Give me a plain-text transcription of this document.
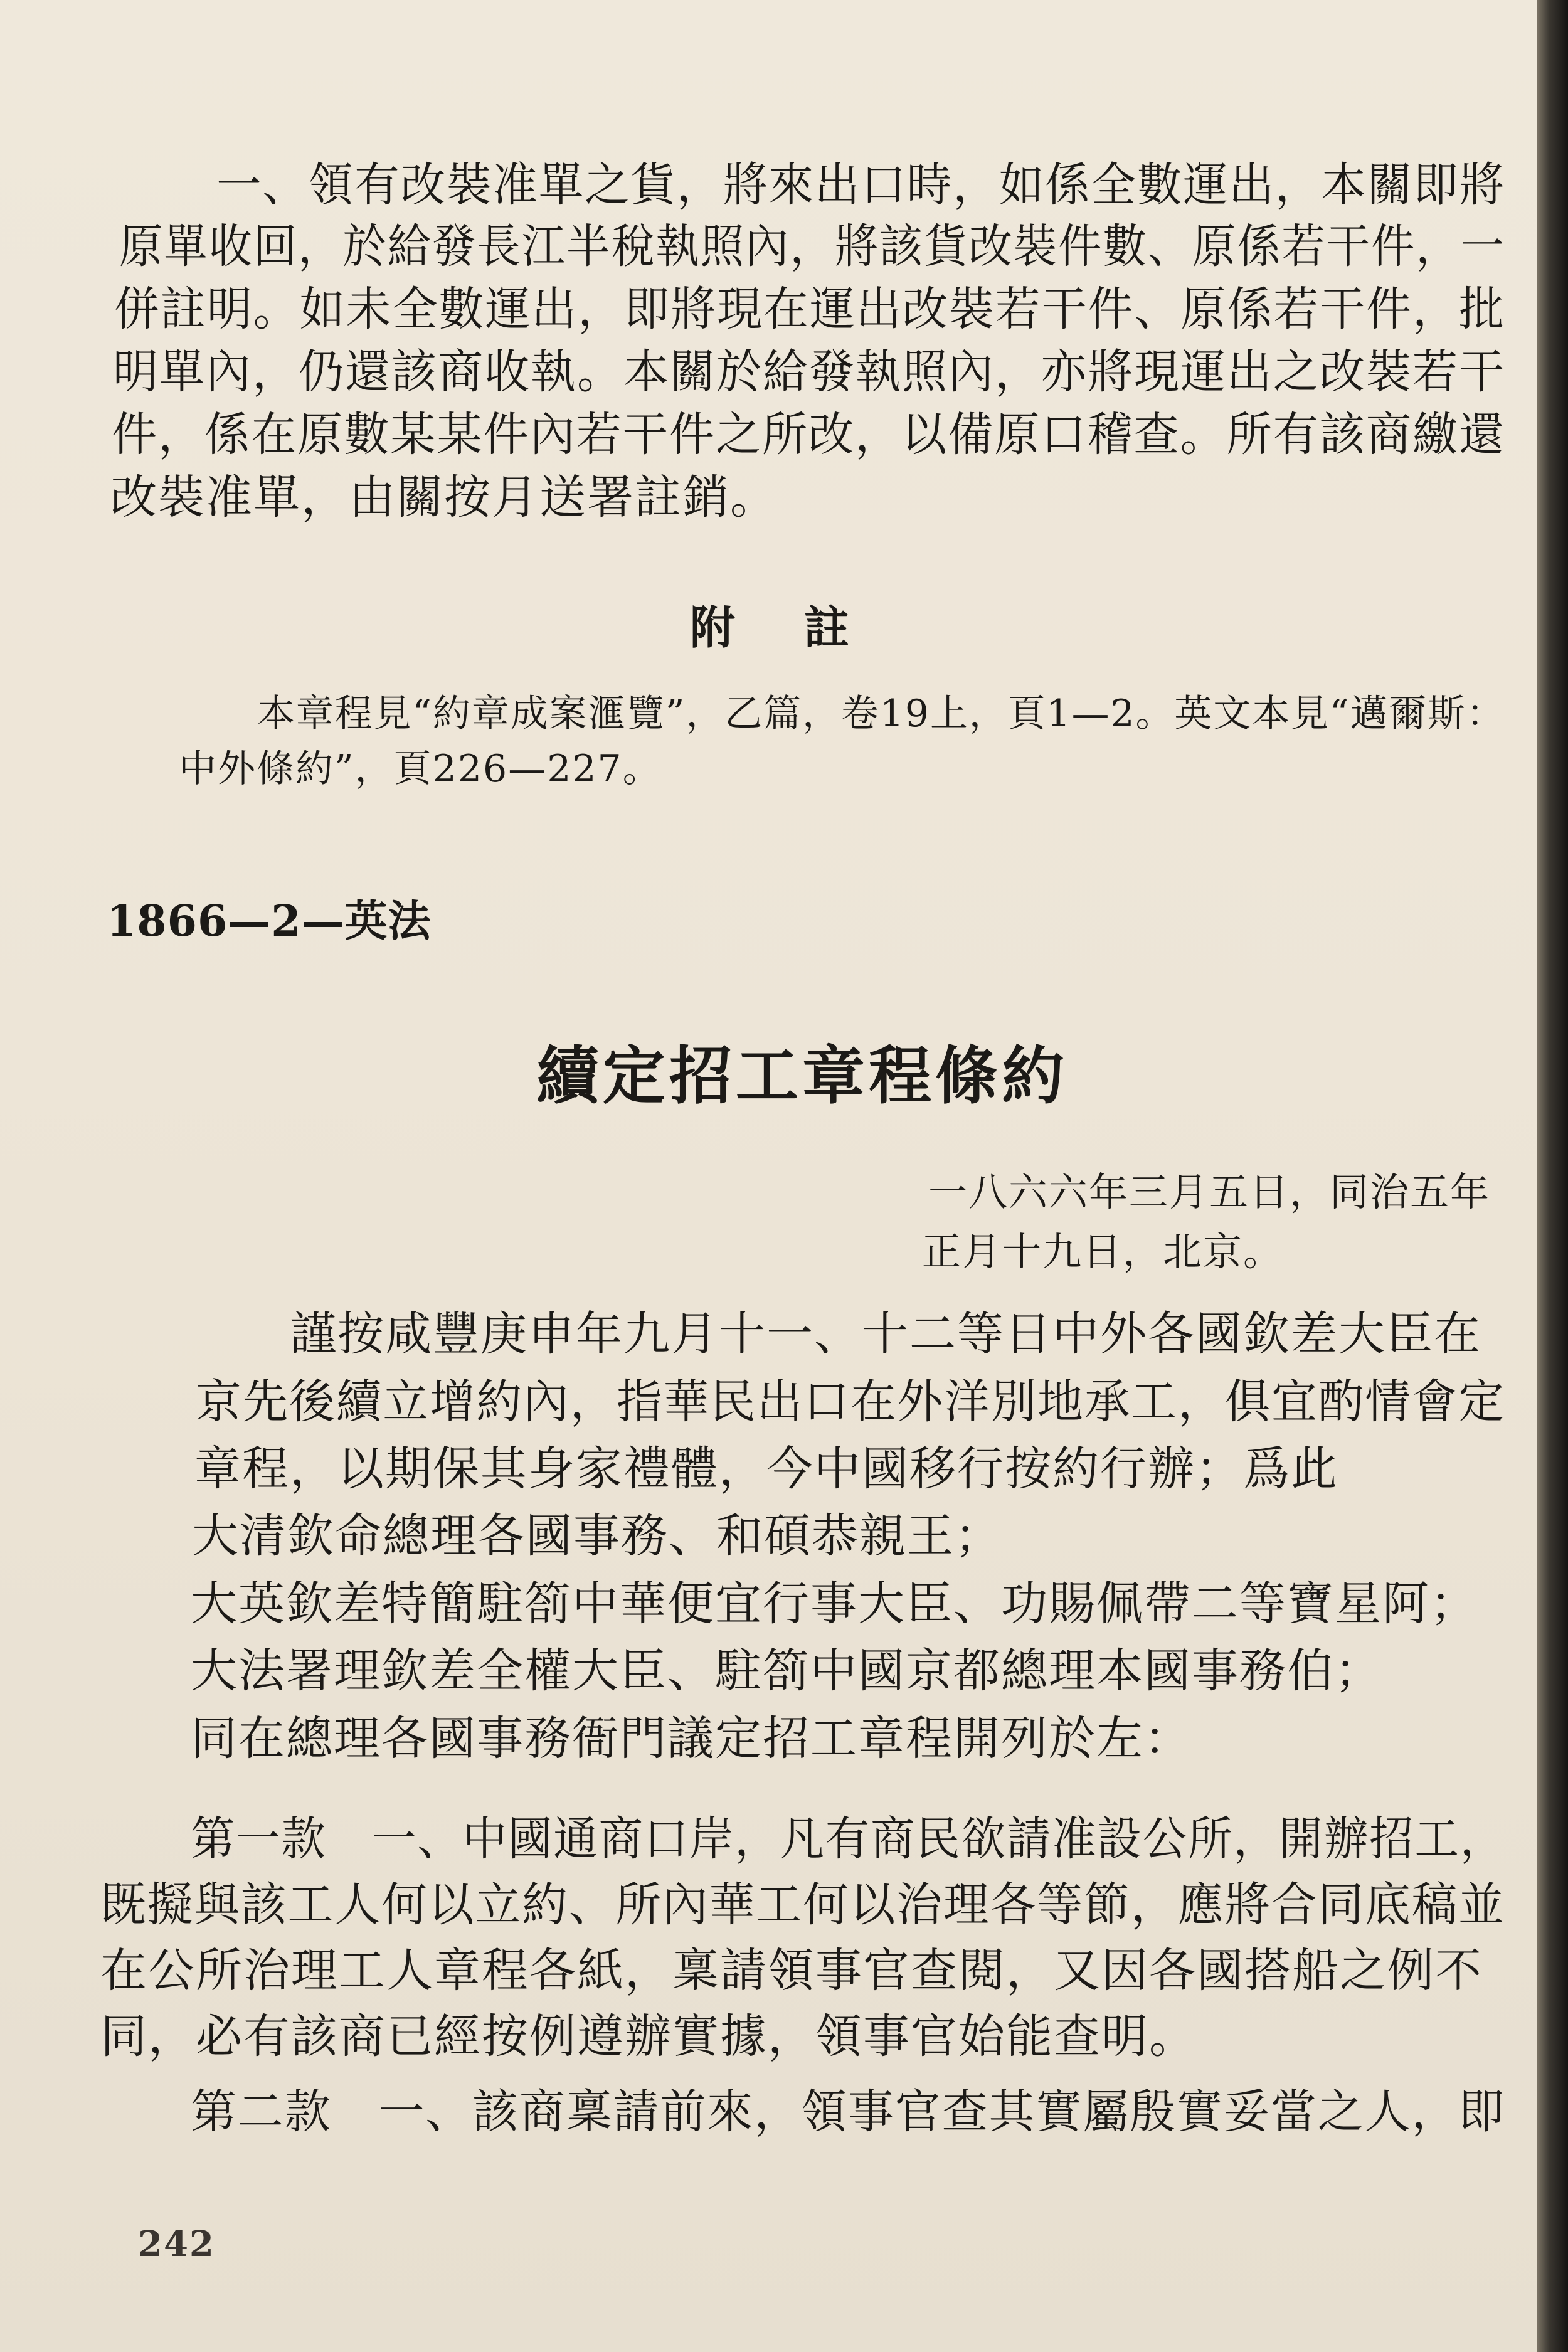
一、領有改裝准單之貨，將來出口時，如係全數運出，本關即將
原單收回，於給發長江半稅執照內，將該貨改裝件數、原係若干件，一
併註明。如未全數運出，即將現在運出改裝若干件、原係若干件，批
明單內，仍還該商收執。本關於給發執照內，亦將現運出之改裝若干
件，係在原數某某件內若干件之所改，以備原口稽查。所有該商繳還
改裝准單，由關按月送署註銷。
附註
本章程見“約章成案滙覽”，乙篇，卷19上，頁1—2。英文本見“邁爾斯：
中外條約”，頁226—227。
1866—2—英法
續定招工章程條約
一八六六年三月五日，同治五年
正月十九日，北京。
謹按咸豐庚申年九月十一、十二等日中外各國欽差大臣在
京先後續立增約內，指華民出口在外洋別地承工，俱宜酌情會定
章程，以期保其身家禮體，今中國移行按約行辦；爲此
大清欽命總理各國事務、和碩恭親王；
大英欽差特簡駐箚中華便宜行事大臣、功賜佩帶二等寶星阿；
大法署理欽差全權大臣、駐箚中國京都總理本國事務伯；
同在總理各國事務衙門議定招工章程開列於左：
第一款　一、中國通商口岸，凡有商民欲請准設公所，開辦招工，
既擬與該工人何以立約、所內華工何以治理各等節，應將合同底稿並
在公所治理工人章程各紙，稟請領事官查閱，又因各國搭船之例不
同，必有該商已經按例遵辦實據，領事官始能查明。
第二款　一、該商稟請前來，領事官查其實屬殷實妥當之人，即
242
